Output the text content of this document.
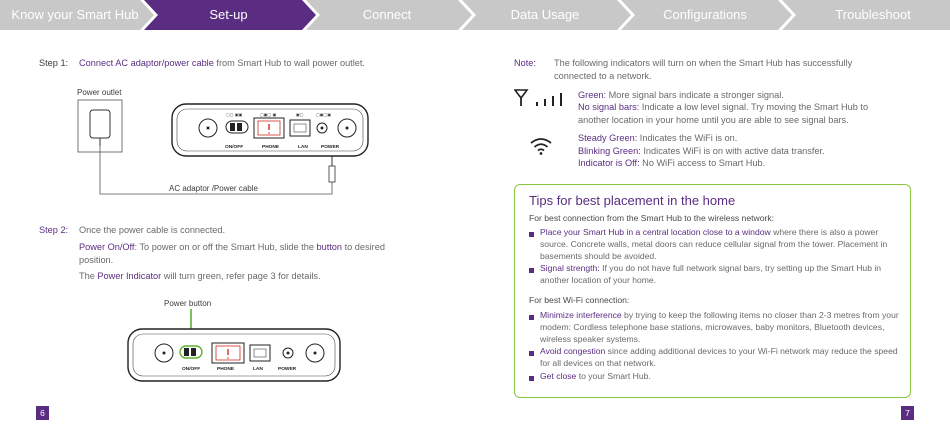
Know your Smart Hub	Set-up	Connect	Data Usage	Configurations	Troubleshoot
Step 1: Connect AC adaptor/power cable from Smart Hub to wall power outlet.
Power outlet
▢▢ ▣▣	▢▣▢ ▣	▣▢	▢▣▢▣
ON/OFF	PHONE	LAN	POWER
AC adaptor /Power cable
Step 2: Once the power cable is connected.
Power On/Off: To power on or off the Smart Hub, slide the button to desired position.
The Power Indicator will turn green, refer page 3 for details.
Power button
ON/OFF	PHONE	LAN	POWER
6
Note: The following indicators will turn on when the Smart Hub has successfully connected to a network.
Green: More signal bars indicate a stronger signal.
No signal bars: Indicate a low level signal. Try moving the Smart Hub to another location in your home until you are able to see signal bars.
Steady Green: Indicates the WiFi is on.
Blinking Green: Indicates WiFi is on with active data transfer.
Indicator is Off: No WiFi access to Smart Hub.
Tips for best placement in the home
For best connection from the Smart Hub to the wireless network:
Place your Smart Hub in a central location close to a window where there is also a power source. Concrete walls, metal doors can reduce cellular signal from the tower. Placement in basements should be avoided.
Signal strength: If you do not have full network signal bars, try setting up the Smart Hub in another location of your home.
For best Wi-Fi connection:
Minimize interference by trying to keep the following items no closer than 2-3 metres from your modem: Cordless telephone base stations, microwaves, baby monitors, Bluetooth devices, wireless speaker systems.
Avoid congestion since adding additional devices to your Wi-Fi network may reduce the speed for all devices on that network.
Get close to your Smart Hub.
7
